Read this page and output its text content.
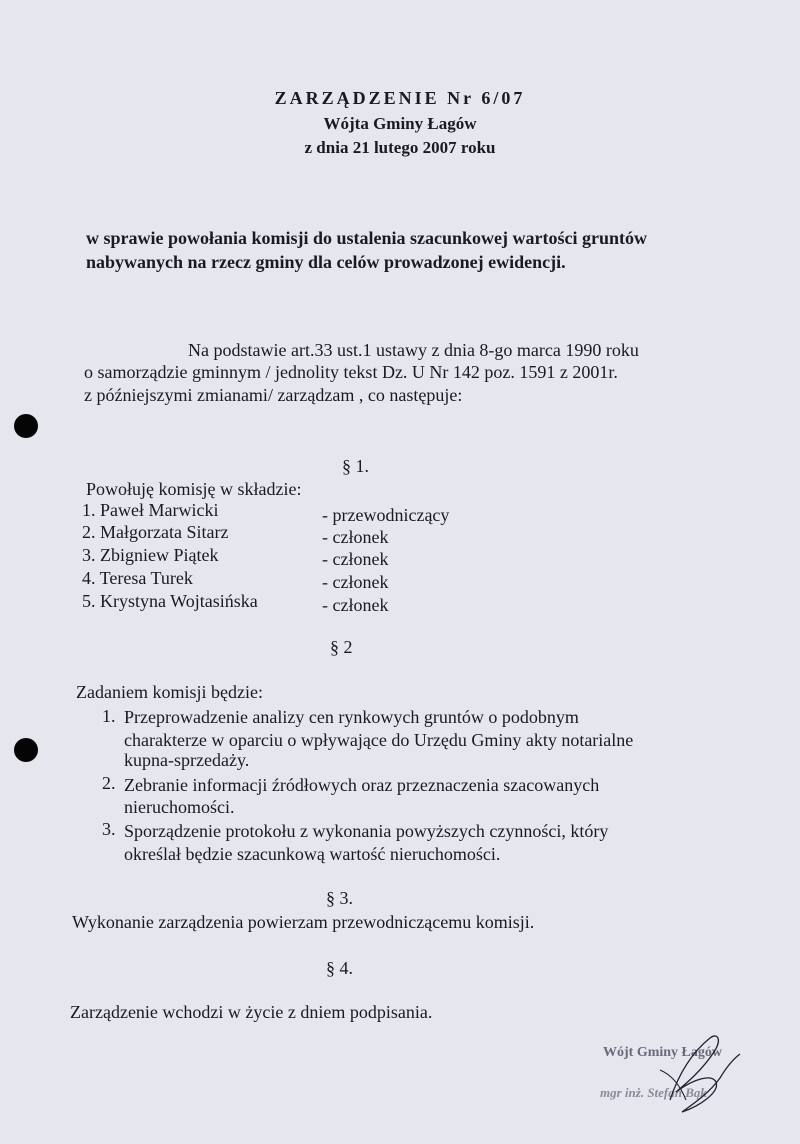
ZARZĄDZENIE Nr 6/07
Wójta Gminy Łagów
z dnia 21 lutego 2007 roku
w sprawie powołania komisji do ustalenia szacunkowej wartości gruntów
nabywanych na rzecz gminy dla celów prowadzonej ewidencji.
Na podstawie art.33 ust.1 ustawy z dnia 8-go marca 1990 roku
o samorządzie gminnym / jednolity tekst Dz. U Nr 142 poz. 1591 z 2001r.
z późniejszymi zmianami/ zarządzam , co następuje:
§ 1.
Powołuję komisję w składzie:
1. Paweł Marwicki	- przewodniczący
2. Małgorzata Sitarz	- członek
3. Zbigniew Piątek	- członek
4. Teresa Turek	- członek
5. Krystyna Wojtasińska	- członek
§ 2
Zadaniem komisji będzie:
1. Przeprowadzenie analizy cen rynkowych gruntów o podobnym
charakterze w oparciu o wpływające do Urzędu Gminy akty notarialne
kupna-sprzedaży.
2. Zebranie informacji źródłowych oraz przeznaczenia szacowanych
nieruchomości.
3. Sporządzenie protokołu z wykonania powyższych czynności, który
określał będzie szacunkową wartość nieruchomości.
§ 3.
Wykonanie zarządzenia powierzam przewodniczącemu komisji.
§ 4.
Zarządzenie wchodzi w życie z dniem podpisania.
Wójt Gminy Łagów
mgr inż. Stefan Bąk
